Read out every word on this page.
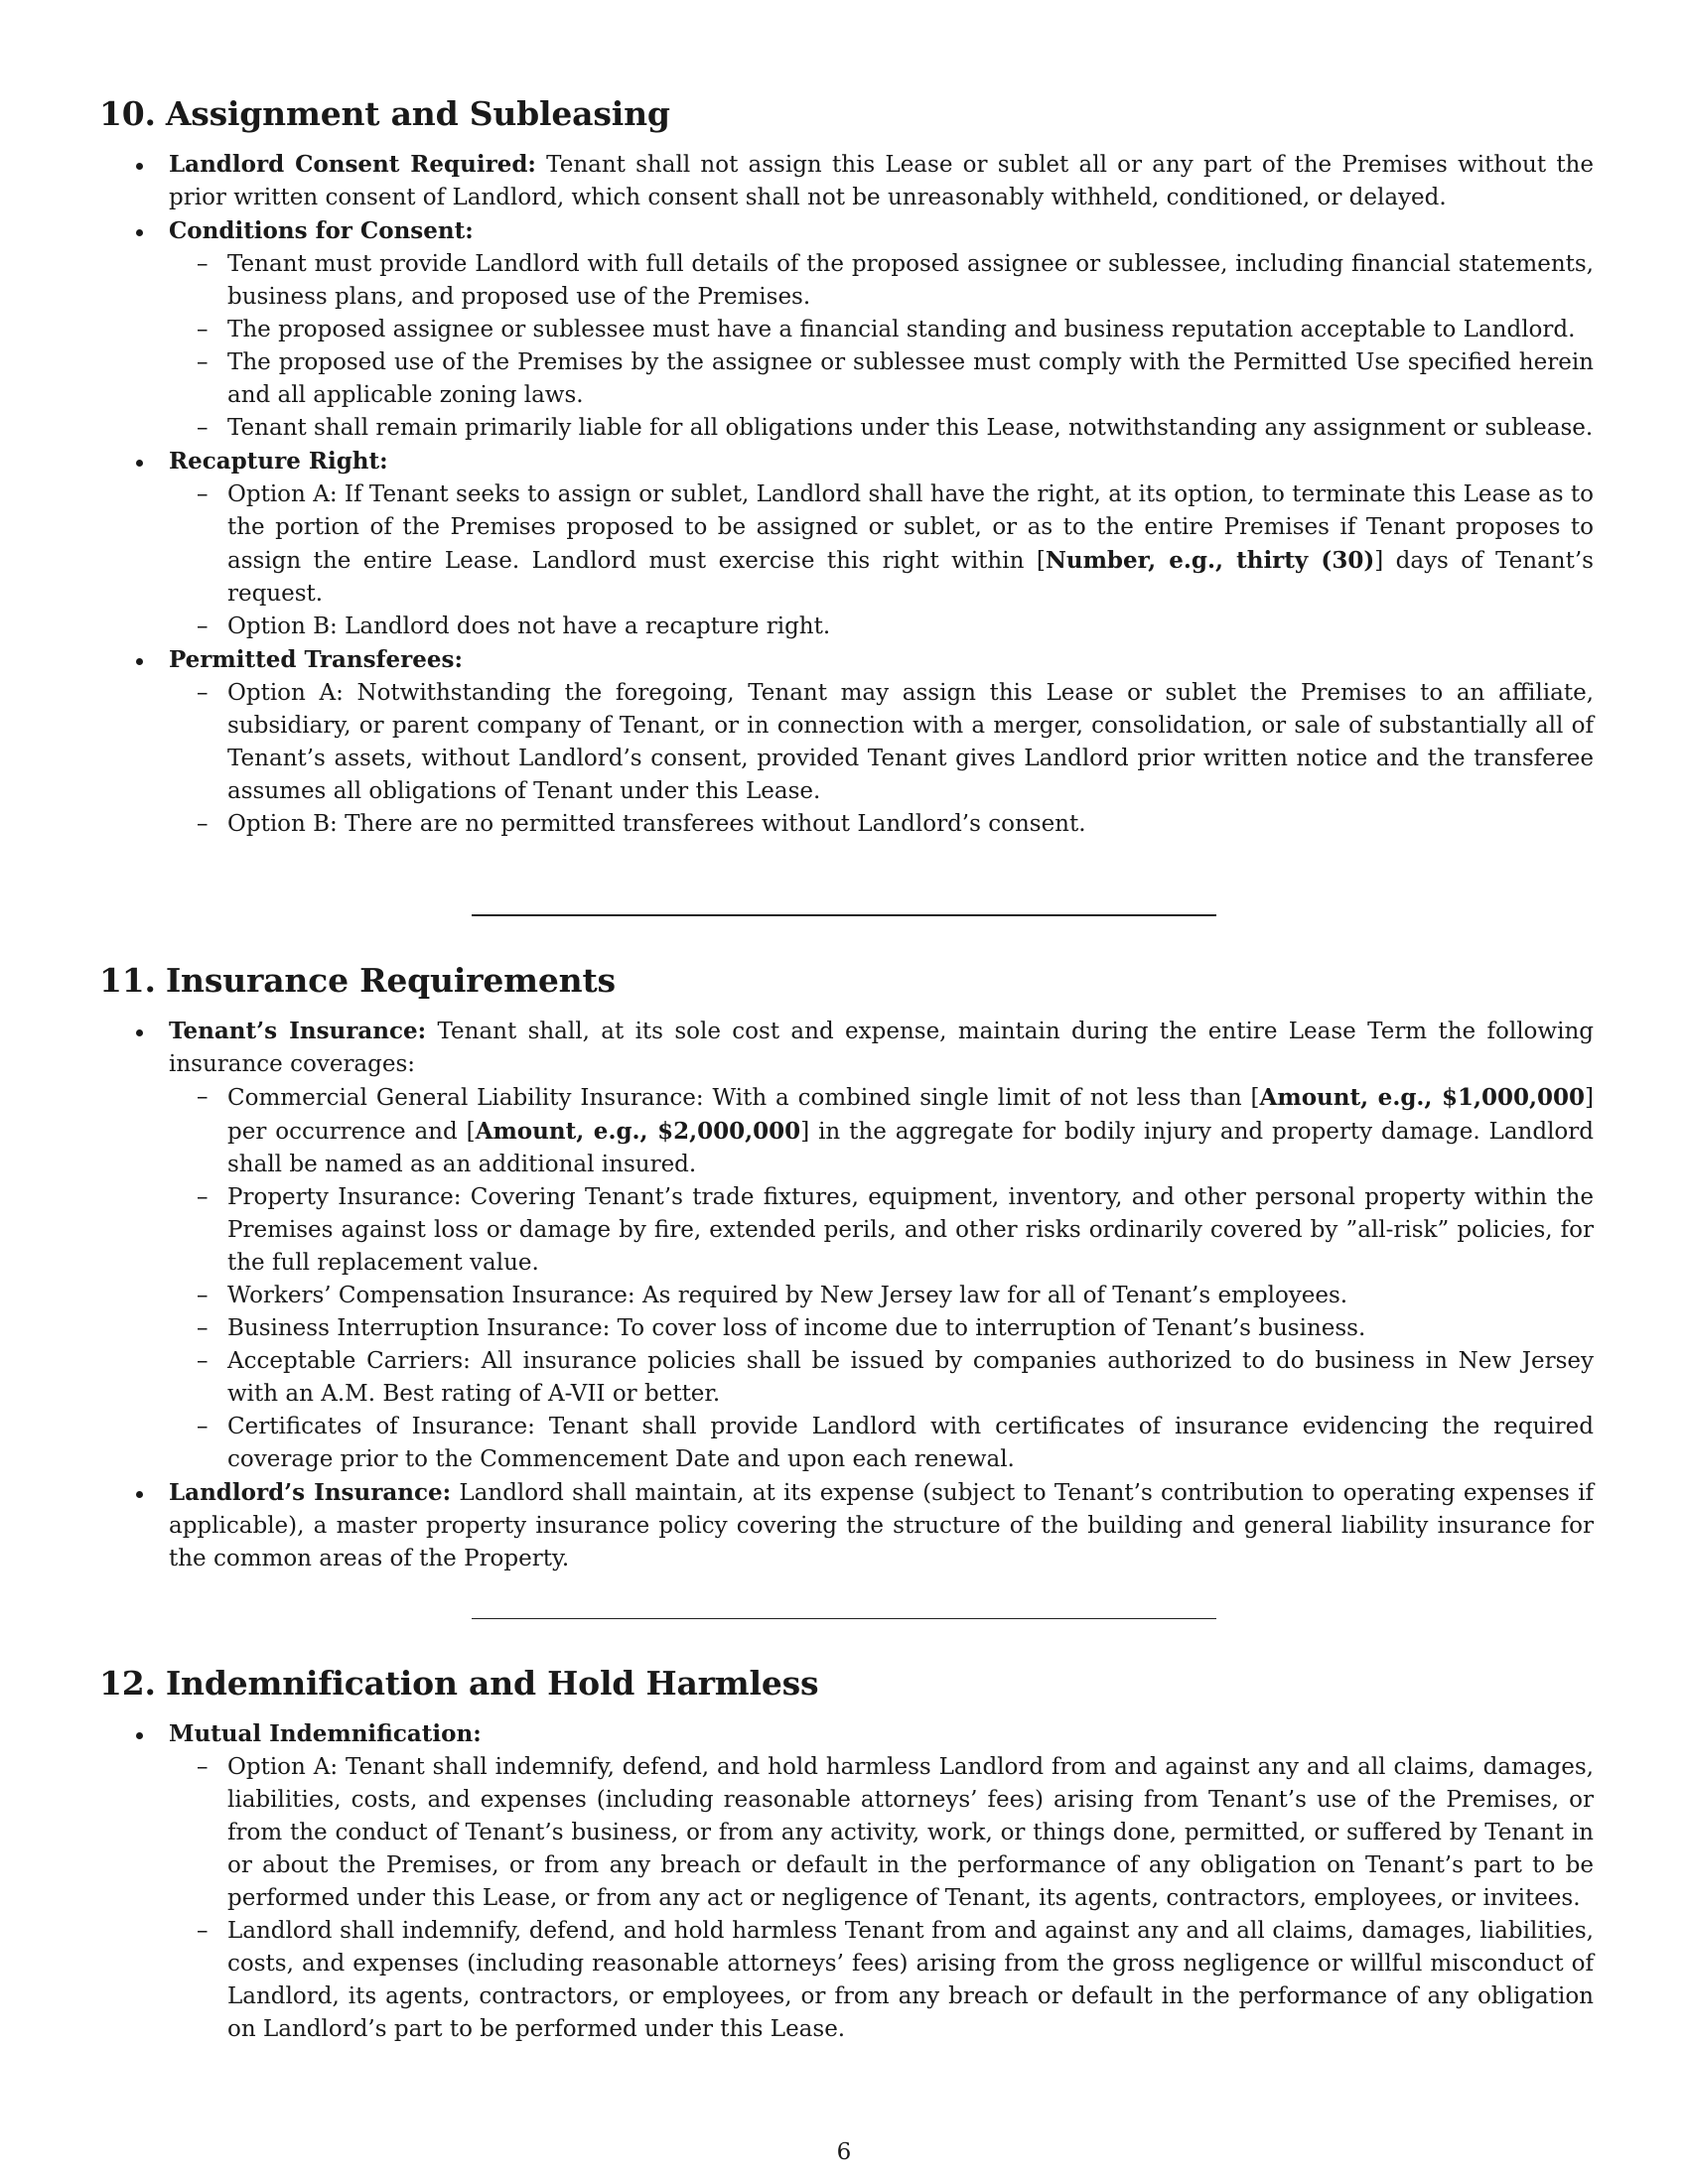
10. Assignment and Subleasing

Landlord Consent Required: Tenant shall not assign this Lease or sublet all or any part of the Premises without the prior written consent of Landlord, which consent shall not be unreasonably withheld, conditioned, or delayed.

Conditions for Consent:

– Tenant must provide Landlord with full details of the proposed assignee or sublessee, including financial statements, business plans, and proposed use of the Premises.

– The proposed assignee or sublessee must have a financial standing and business reputation acceptable to Landlord.

– The proposed use of the Premises by the assignee or sublessee must comply with the Permitted Use specified herein and all applicable zoning laws.

– Tenant shall remain primarily liable for all obligations under this Lease, notwithstanding any assignment or sublease.

Recapture Right:

– Option A: If Tenant seeks to assign or sublet, Landlord shall have the right, at its option, to terminate this Lease as to the portion of the Premises proposed to be assigned or sublet, or as to the entire Premises if Tenant proposes to assign the entire Lease. Landlord must exercise this right within [Number, e.g., thirty (30)] days of Tenant’s request.

– Option B: Landlord does not have a recapture right.

Permitted Transferees:

– Option A: Notwithstanding the foregoing, Tenant may assign this Lease or sublet the Premises to an affiliate, subsidiary, or parent company of Tenant, or in connection with a merger, consolidation, or sale of substantially all of Tenant’s assets, without Landlord’s consent, provided Tenant gives Landlord prior written notice and the transferee assumes all obligations of Tenant under this Lease.

– Option B: There are no permitted transferees without Landlord’s consent.

11. Insurance Requirements

Tenant’s Insurance: Tenant shall, at its sole cost and expense, maintain during the entire Lease Term the following insurance coverages:

– Commercial General Liability Insurance: With a combined single limit of not less than [Amount, e.g., $1,000,000] per occurrence and [Amount, e.g., $2,000,000] in the aggregate for bodily injury and property damage. Landlord shall be named as an additional insured.

– Property Insurance: Covering Tenant’s trade fixtures, equipment, inventory, and other personal property within the Premises against loss or damage by fire, extended perils, and other risks ordinarily covered by ”all-risk” policies, for the full replacement value.

– Workers’ Compensation Insurance: As required by New Jersey law for all of Tenant’s employees.

– Business Interruption Insurance: To cover loss of income due to interruption of Tenant’s business.

– Acceptable Carriers: All insurance policies shall be issued by companies authorized to do business in New Jersey with an A.M. Best rating of A-VII or better.

– Certificates of Insurance: Tenant shall provide Landlord with certificates of insurance evidencing the required coverage prior to the Commencement Date and upon each renewal.

Landlord’s Insurance: Landlord shall maintain, at its expense (subject to Tenant’s contribution to operating expenses if applicable), a master property insurance policy covering the structure of the building and general liability insurance for the common areas of the Property.

12. Indemnification and Hold Harmless

Mutual Indemnification:

– Option A: Tenant shall indemnify, defend, and hold harmless Landlord from and against any and all claims, damages, liabilities, costs, and expenses (including reasonable attorneys’ fees) arising from Tenant’s use of the Premises, or from the conduct of Tenant’s business, or from any activity, work, or things done, permitted, or suffered by Tenant in or about the Premises, or from any breach or default in the performance of any obligation on Tenant’s part to be performed under this Lease, or from any act or negligence of Tenant, its agents, contractors, employees, or invitees.

– Landlord shall indemnify, defend, and hold harmless Tenant from and against any and all claims, damages, liabilities, costs, and expenses (including reasonable attorneys’ fees) arising from the gross negligence or willful misconduct of Landlord, its agents, contractors, or employees, or from any breach or default in the performance of any obligation on Landlord’s part to be performed under this Lease.

6
